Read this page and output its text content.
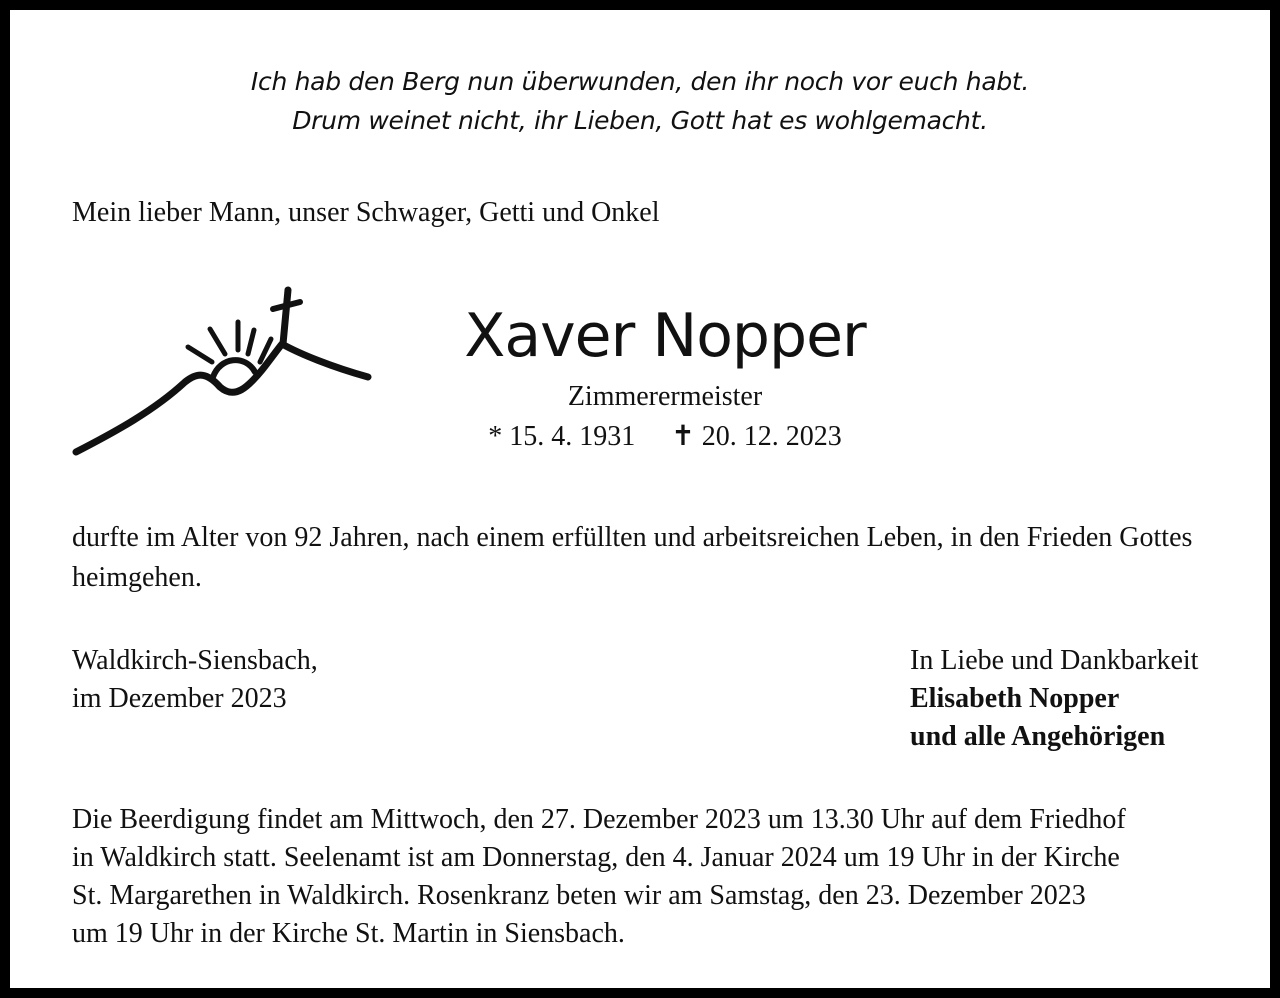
Ich hab den Berg nun überwunden, den ihr noch vor euch habt.
Drum weinet nicht, ihr Lieben, Gott hat es wohlgemacht.
Mein lieber Mann, unser Schwager, Getti und Onkel
Xaver Nopper
Zimmerermeister
* 15. 4. 1931 ✝ 20. 12. 2023
durfte im Alter von 92 Jahren, nach einem erfüllten und arbeitsreichen Leben, in den Frieden Gottes heimgehen.
Waldkirch-Siensbach,
im Dezember 2023
In Liebe und Dankbarkeit
Elisabeth Nopper
und alle Angehörigen
Die Beerdigung findet am Mittwoch, den 27. Dezember 2023 um 13.30 Uhr auf dem Friedhof
in Waldkirch statt. Seelenamt ist am Donnerstag, den 4. Januar 2024 um 19 Uhr in der Kirche
St. Margarethen in Waldkirch. Rosenkranz beten wir am Samstag, den 23. Dezember 2023
um 19 Uhr in der Kirche St. Martin in Siensbach.
